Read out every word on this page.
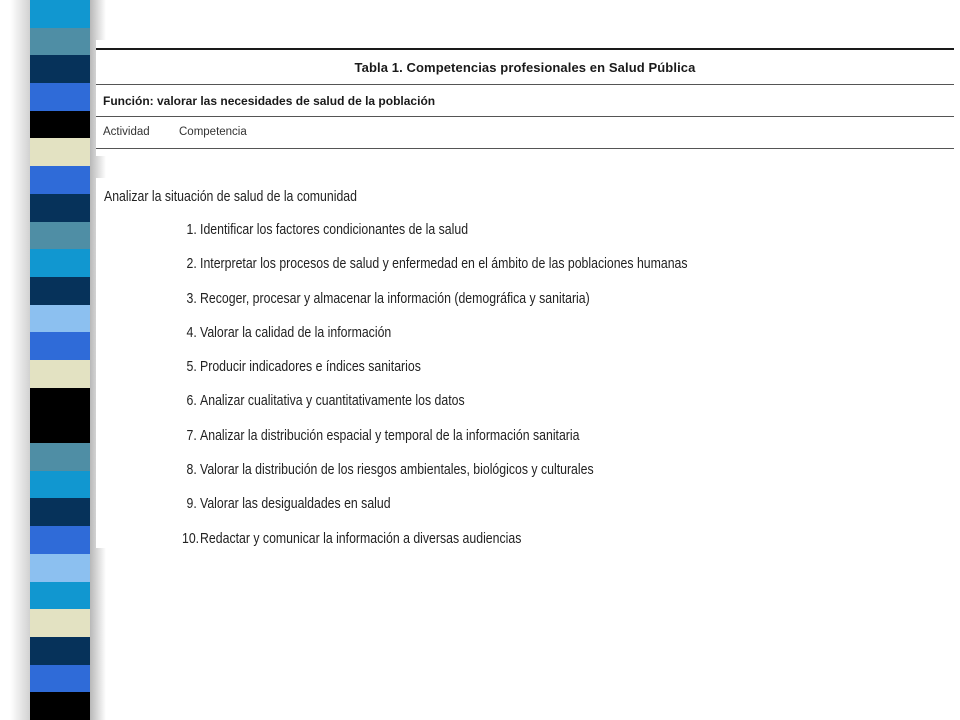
Tabla 1. Competencias profesionales en Salud Pública
Función: valorar las necesidades de salud de la población
Actividad	Competencia
Analizar la situación de salud de la comunidad
1. Identificar los factores condicionantes de la salud
2. Interpretar los procesos de salud y enfermedad en el ámbito de las poblaciones humanas
3. Recoger, procesar y almacenar la información (demográfica y sanitaria)
4. Valorar la calidad de la información
5. Producir indicadores e índices sanitarios
6. Analizar cualitativa y cuantitativamente los datos
7. Analizar la distribución espacial y temporal de la información sanitaria
8. Valorar la distribución de los riesgos ambientales, biológicos y culturales
9. Valorar las desigualdades en salud
10.Redactar y comunicar la información a diversas audiencias
